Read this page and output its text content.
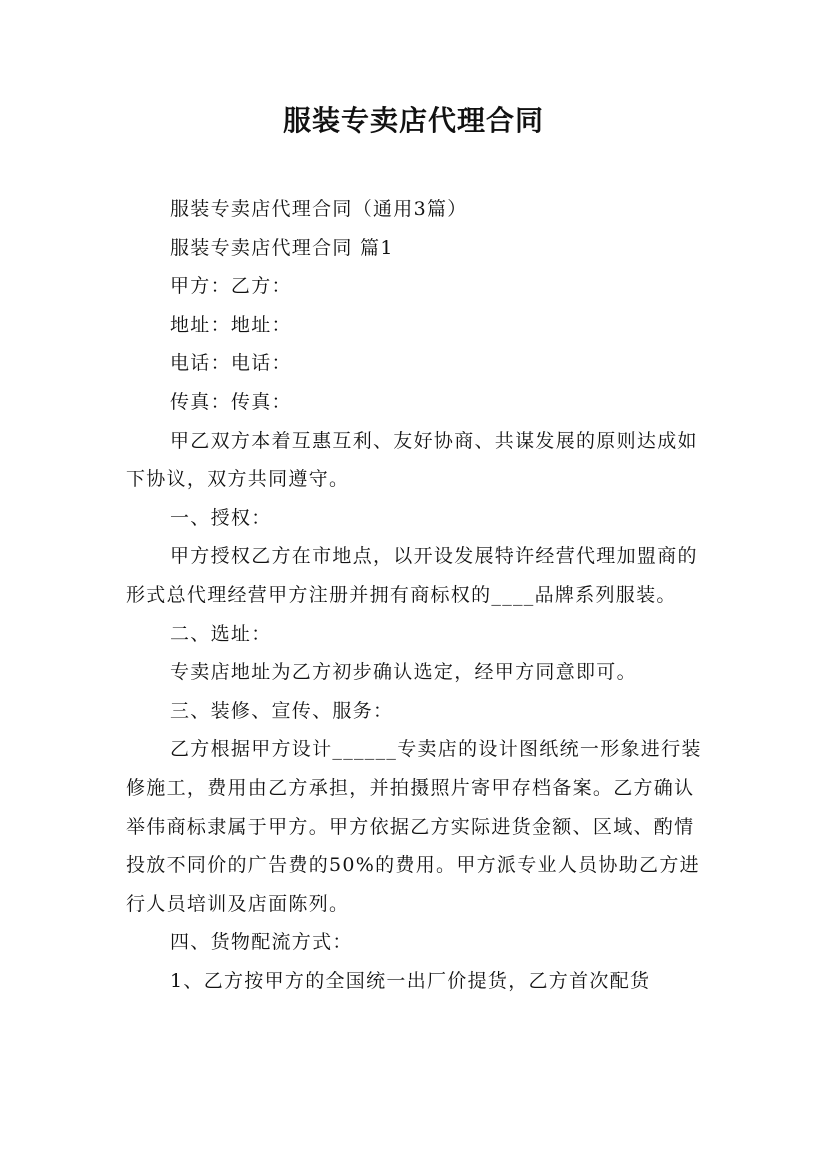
服装专卖店代理合同

服装专卖店代理合同（通用3篇）

服装专卖店代理合同 篇1

甲方：乙方：

地址：地址：

电话：电话：

传真：传真：

甲乙双方本着互惠互利、友好协商、共谋发展的原则达成如下协议，双方共同遵守。

一、授权：

甲方授权乙方在市地点，以开设发展特许经营代理加盟商的形式总代理经营甲方注册并拥有商标权的____品牌系列服装。

二、选址：

专卖店地址为乙方初步确认选定，经甲方同意即可。

三、装修、宣传、服务：

乙方根据甲方设计______专卖店的设计图纸统一形象进行装修施工，费用由乙方承担，并拍摄照片寄甲存档备案。乙方确认举伟商标隶属于甲方。甲方依据乙方实际进货金额、区域、酌情投放不同价的广告费的50%的费用。甲方派专业人员协助乙方进行人员培训及店面陈列。

四、货物配流方式：

1、乙方按甲方的全国统一出厂价提货，乙方首次配货
